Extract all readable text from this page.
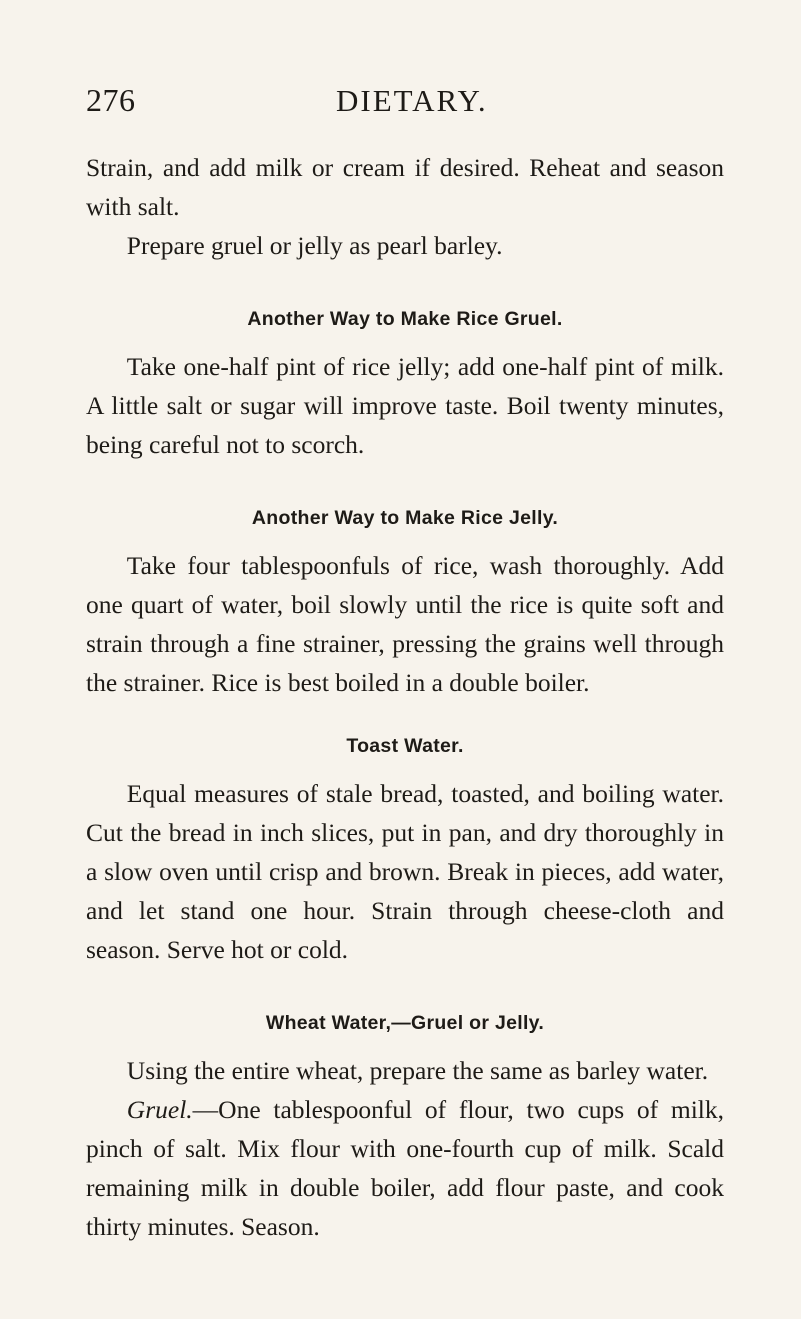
276	DIETARY.

Strain, and add milk or cream if desired. Reheat and season with salt.

Prepare gruel or jelly as pearl barley.

Another Way to Make Rice Gruel.

Take one-half pint of rice jelly; add one-half pint of milk. A little salt or sugar will improve taste. Boil twenty minutes, being careful not to scorch.

Another Way to Make Rice Jelly.

Take four tablespoonfuls of rice, wash thoroughly. Add one quart of water, boil slowly until the rice is quite soft and strain through a fine strainer, pressing the grains well through the strainer. Rice is best boiled in a double boiler.

Toast Water.

Equal measures of stale bread, toasted, and boiling water. Cut the bread in inch slices, put in pan, and dry thoroughly in a slow oven until crisp and brown. Break in pieces, add water, and let stand one hour. Strain through cheese-cloth and season. Serve hot or cold.

Wheat Water,—Gruel or Jelly.

Using the entire wheat, prepare the same as barley water.

Gruel.—One tablespoonful of flour, two cups of milk, pinch of salt. Mix flour with one-fourth cup of milk. Scald remaining milk in double boiler, add flour paste, and cook thirty minutes. Season.
